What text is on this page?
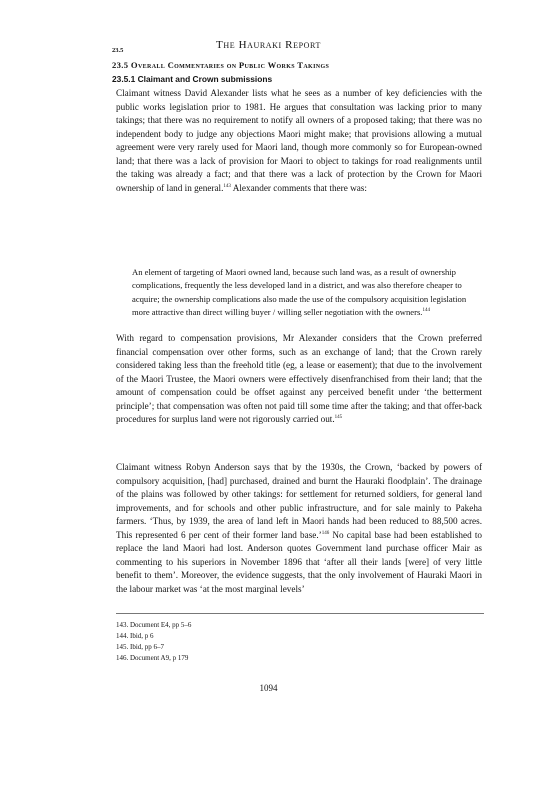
The Hauraki Report
23.5
23.5 Overall Commentaries on Public Works Takings
23.5.1 Claimant and Crown submissions

Claimant witness David Alexander lists what he sees as a number of key deficiencies with the public works legislation prior to 1981. He argues that consultation was lacking prior to many takings; that there was no requirement to notify all owners of a proposed taking; that there was no independent body to judge any objections Maori might make; that provisions allowing a mutual agreement were very rarely used for Maori land, though more commonly so for European-owned land; that there was a lack of provision for Maori to object to takings for road realignments until the taking was already a fact; and that there was a lack of protection by the Crown for Maori ownership of land in general.$^{143}$ Alexander comments that there was:

An element of targeting of Maori owned land, because such land was, as a result of ownership complications, frequently the less developed land in a district, and was also therefore cheaper to acquire; the ownership complications also made the use of the compulsory acquisition legislation more attractive than direct willing buyer / willing seller negotiation with the owners.$^{144}$

With regard to compensation provisions, Mr Alexander considers that the Crown preferred financial compensation over other forms, such as an exchange of land; that the Crown rarely considered taking less than the freehold title (eg, a lease or easement); that due to the involvement of the Maori Trustee, the Maori owners were effectively disenfranchised from their land; that the amount of compensation could be offset against any perceived benefit under ‘the betterment principle’; that compensation was often not paid till some time after the taking; and that offer-back procedures for surplus land were not rigorously carried out.$^{145}$

Claimant witness Robyn Anderson says that by the 1930s, the Crown, ‘backed by powers of compulsory acquisition, [had] purchased, drained and burnt the Hauraki floodplain’. The drainage of the plains was followed by other takings: for settlement for returned soldiers, for general land improvements, and for schools and other public infrastructure, and for sale mainly to Pakeha farmers. ‘Thus, by 1939, the area of land left in Maori hands had been reduced to 88,500 acres. This represented 6 per cent of their former land base.’$^{146}$ No capital base had been established to replace the land Maori had lost. Anderson quotes Government land purchase officer Mair as commenting to his superiors in November 1896 that ‘after all their lands [were] of very little benefit to them’. Moreover, the evidence suggests, that the only involvement of Hauraki Maori in the labour market was ‘at the most marginal levels’

143. Document E4, pp 5–6

144. Ibid, p 6

145. Ibid, pp 6–7

146. Document A9, p 179

1094
